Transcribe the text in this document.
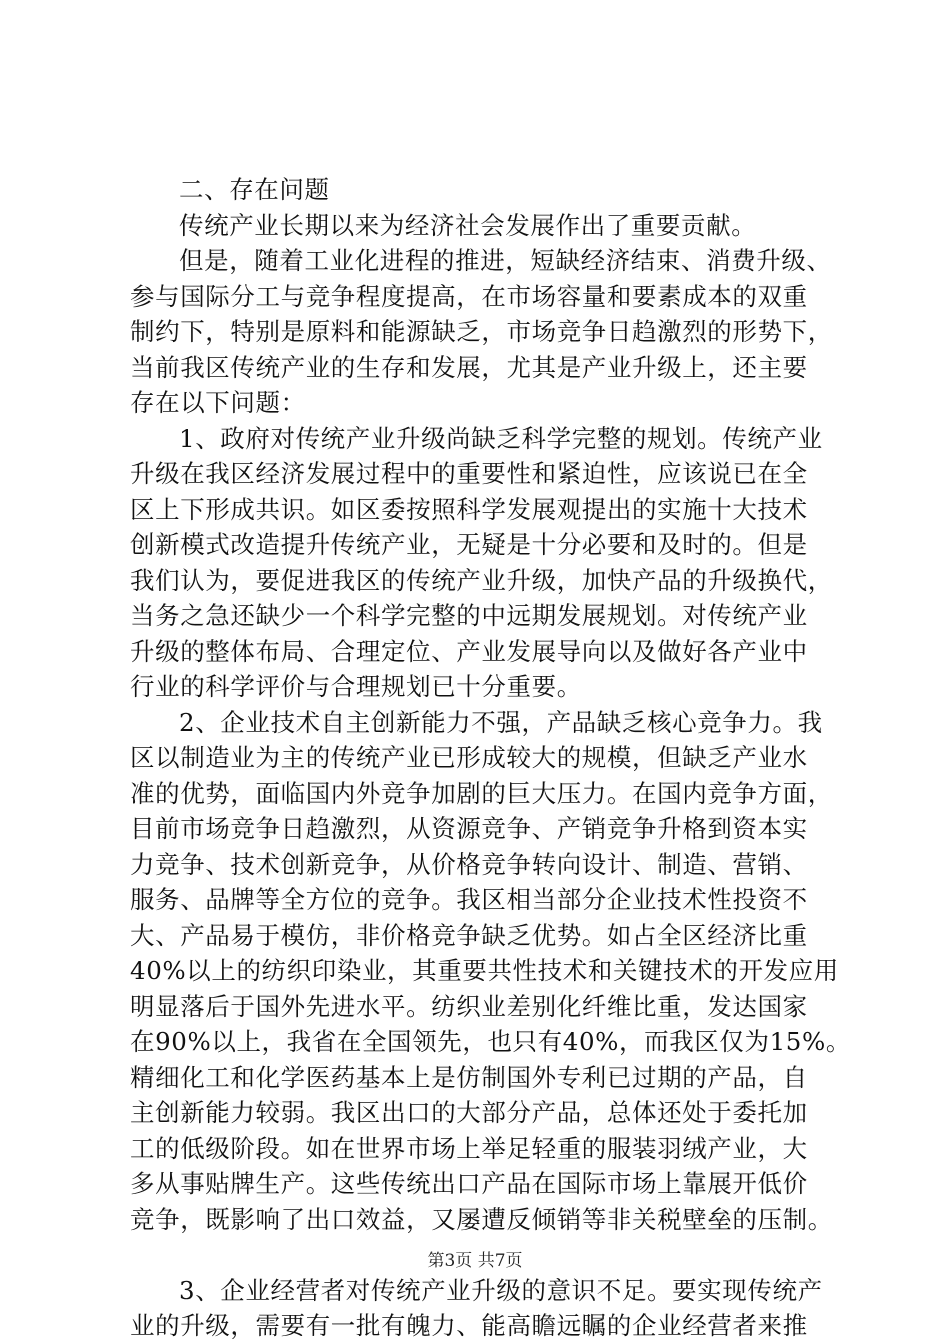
二、存在问题
传统产业长期以来为经济社会发展作出了重要贡献。
但是，随着工业化进程的推进，短缺经济结束、消费升级、
参与国际分工与竞争程度提高，在市场容量和要素成本的双重
制约下，特别是原料和能源缺乏，市场竞争日趋激烈的形势下，
当前我区传统产业的生存和发展，尤其是产业升级上，还主要
存在以下问题：
1、政府对传统产业升级尚缺乏科学完整的规划。传统产业
升级在我区经济发展过程中的重要性和紧迫性，应该说已在全
区上下形成共识。如区委按照科学发展观提出的实施十大技术
创新模式改造提升传统产业，无疑是十分必要和及时的。但是
我们认为，要促进我区的传统产业升级，加快产品的升级换代，
当务之急还缺少一个科学完整的中远期发展规划。对传统产业
升级的整体布局、合理定位、产业发展导向以及做好各产业中
行业的科学评价与合理规划已十分重要。
2、企业技术自主创新能力不强，产品缺乏核心竞争力。我
区以制造业为主的传统产业已形成较大的规模，但缺乏产业水
准的优势，面临国内外竞争加剧的巨大压力。在国内竞争方面，
目前市场竞争日趋激烈，从资源竞争、产销竞争升格到资本实
力竞争、技术创新竞争，从价格竞争转向设计、制造、营销、
服务、品牌等全方位的竞争。我区相当部分企业技术性投资不
大、产品易于模仿，非价格竞争缺乏优势。如占全区经济比重
40%以上的纺织印染业，其重要共性技术和关键技术的开发应用
明显落后于国外先进水平。纺织业差别化纤维比重，发达国家
在90%以上，我省在全国领先，也只有40%，而我区仅为15%。
精细化工和化学医药基本上是仿制国外专利已过期的产品，自
主创新能力较弱。我区出口的大部分产品，总体还处于委托加
工的低级阶段。如在世界市场上举足轻重的服装羽绒产业，大
多从事贴牌生产。这些传统出口产品在国际市场上靠展开低价
竞争，既影响了出口效益，又屡遭反倾销等非关税壁垒的压制。
3、企业经营者对传统产业升级的意识不足。要实现传统产
业的升级，需要有一批有魄力、能高瞻远瞩的企业经营者来推
第3页 共7页
